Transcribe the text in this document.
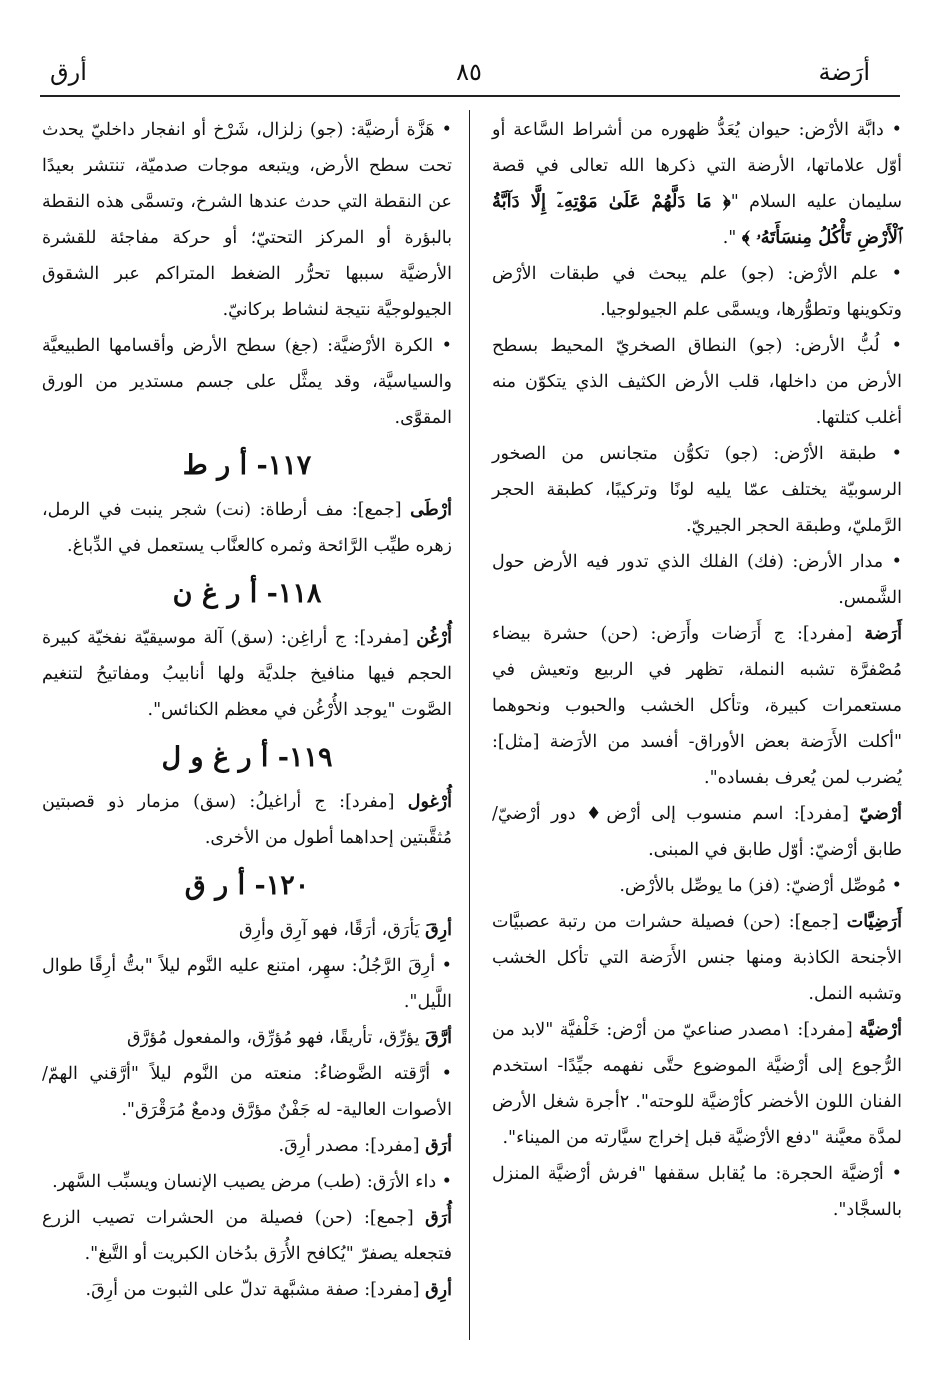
أرَضة
٨٥
أرق

• دابَّة الأرْض: حيوان يُعَدُّ ظهوره من أشراط السَّاعة أو أوّل علاماتها، الأرضة التي ذكرها الله تعالى في قصة سليمان عليه السلام "﴿ مَا دَلَّهُمْ عَلَىٰ مَوْتِهِۦٓ إِلَّا دَآبَّةُ ٱلْأَرْضِ تَأْكُلُ مِنسَأَتَهُۥ ﴾ ".

• علم الأرْض: (جو) علم يبحث في طبقات الأرْض وتكوينها وتطوُّرها، ويسمَّى علم الجيولوجيا.

• لُبُّ الأرض: (جو) النطاق الصخريّ المحيط بسطح الأرض من داخلها، قلب الأرض الكثيف الذي يتكوّن منه أغلب كتلتها.

• طبقة الأرْض: (جو) تكوُّن متجانس من الصخور الرسوبيّة يختلف عمّا يليه لونًا وتركيبًا، كطبقة الحجر الرَّمليّ، وطبقة الحجر الجيريّ.

• مدار الأرض: (فك) الفلك الذي تدور فيه الأرض حول الشَّمس.

أَرَضة [مفرد]: ج أَرَضات وأَرَض: (حن) حشرة بيضاء مُصْفرَّة تشبه النملة، تظهر في الربيع وتعيش في مستعمرات كبيرة، وتأكل الخشب والحبوب ونحوهما "أكلت الأَرَضة بعض الأوراق- أفسد من الأرَضة [مثل]: يُضرب لمن يُعرف بفساده".

أرْضيّ [مفرد]: اسم منسوب إلى أرْض♦ دور أرْضيّ/ طابق أرْضيّ: أوّل طابق في المبنى.

• مُوصِّل أرْضيّ: (فز) ما يوصِّل بالأرْض.

أَرَضِيَّات [جمع]: (حن) فصيلة حشرات من رتبة عصبيَّات الأجنحة الكاذبة ومنها جنس الأَرَضة التي تأكل الخشب وتشبه النمل.

أرْضيَّة [مفرد]: ١مصدر صناعيّ من أرْض: خَلْفيَّة "لابد من الرُّجوع إلى أرْضيَّة الموضوع حتَّى نفهمه جيِّدًا- استخدم الفنان اللون الأخضر كأرْضيَّة للوحته". ٢أجرة شغل الأرض لمدَّة معيَّنة "دفع الأرْضيَّة قبل إخراج سيَّارته من الميناء".

• أرْضيَّة الحجرة: ما يُقابل سقفها "فرش أرْضيَّة المنزل بالسجَّاد".

• هَزَّة أرضيَّة: (جو) زلزال، شَرْخ أو انفجار داخليّ يحدث تحت سطح الأرض، ويتبعه موجات صدميّة، تنتشر بعيدًا عن النقطة التي حدث عندها الشرخ، وتسمَّى هذه النقطة بالبؤرة أو المركز التحتيّ؛ أو حركة مفاجئة للقشرة الأرضيَّة سببها تحرُّر الضغط المتراكم عبر الشقوق الجيولوجيَّة نتيجة لنشاط بركانيّ.

• الكرة الأرْضيَّة: (جغ) سطح الأرض وأقسامها الطبيعيَّة والسياسيَّة، وقد يمثَّل على جسم مستدير من الورق المقوَّى.

١١٧- أ ر ط

أرْطَى [جمع]: مف أرطاة: (نت) شجر ينبت في الرمل، زهره طيِّب الرَّائحة وثمره كالعنَّاب يستعمل في الدِّباغ.

١١٨- أ ر غ ن

أُرْغُن [مفرد]: ج أراغِن: (سق) آلة موسيقيّة نفخيّة كبيرة الحجم فيها منافيخ جلديَّة ولها أنابيبُ ومفاتيحُ لتنغيم الصَّوت "يوجد الأُرْغُن في معظم الكنائس".

١١٩- أ ر غ و ل

أُرْغول [مفرد]: ج أراغيلُ: (سق) مزمار ذو قصبتين مُثقَّبتين إحداهما أطول من الأخرى.

١٢٠- أ ر ق

أرِقَ يَأرَق، أرَقًا، فهو آرِق وأرِق

• أرِقَ الرَّجُلُ: سهِر، امتنع عليه النَّوم ليلاً "بتُّ أرِقًا طوال اللَّيل".

أرَّقَ يؤرِّق، تأريقًا، فهو مُؤرِّق، والمفعول مُؤرَّق

• أرَّقته الضَّوضاءُ: منعته من النَّوم ليلاً "أرَّقني الهمّ/ الأصوات العالية- له جَفْنٌ مؤرَّق ودمعٌ مُرَقْرَق".

أرَق [مفرد]: مصدر أرِقَ.

• داء الأرَق: (طب) مرض يصيب الإنسان ويسبِّب السَّهر.

أُرَق [جمع]: (حن) فصيلة من الحشرات تصيب الزرع فتجعله يصفرّ "يُكافح الأُرَق بدُخان الكبريت أو التَّبغ".

أرِق [مفرد]: صفة مشبَّهة تدلّ على الثبوت من أرِقَ.
